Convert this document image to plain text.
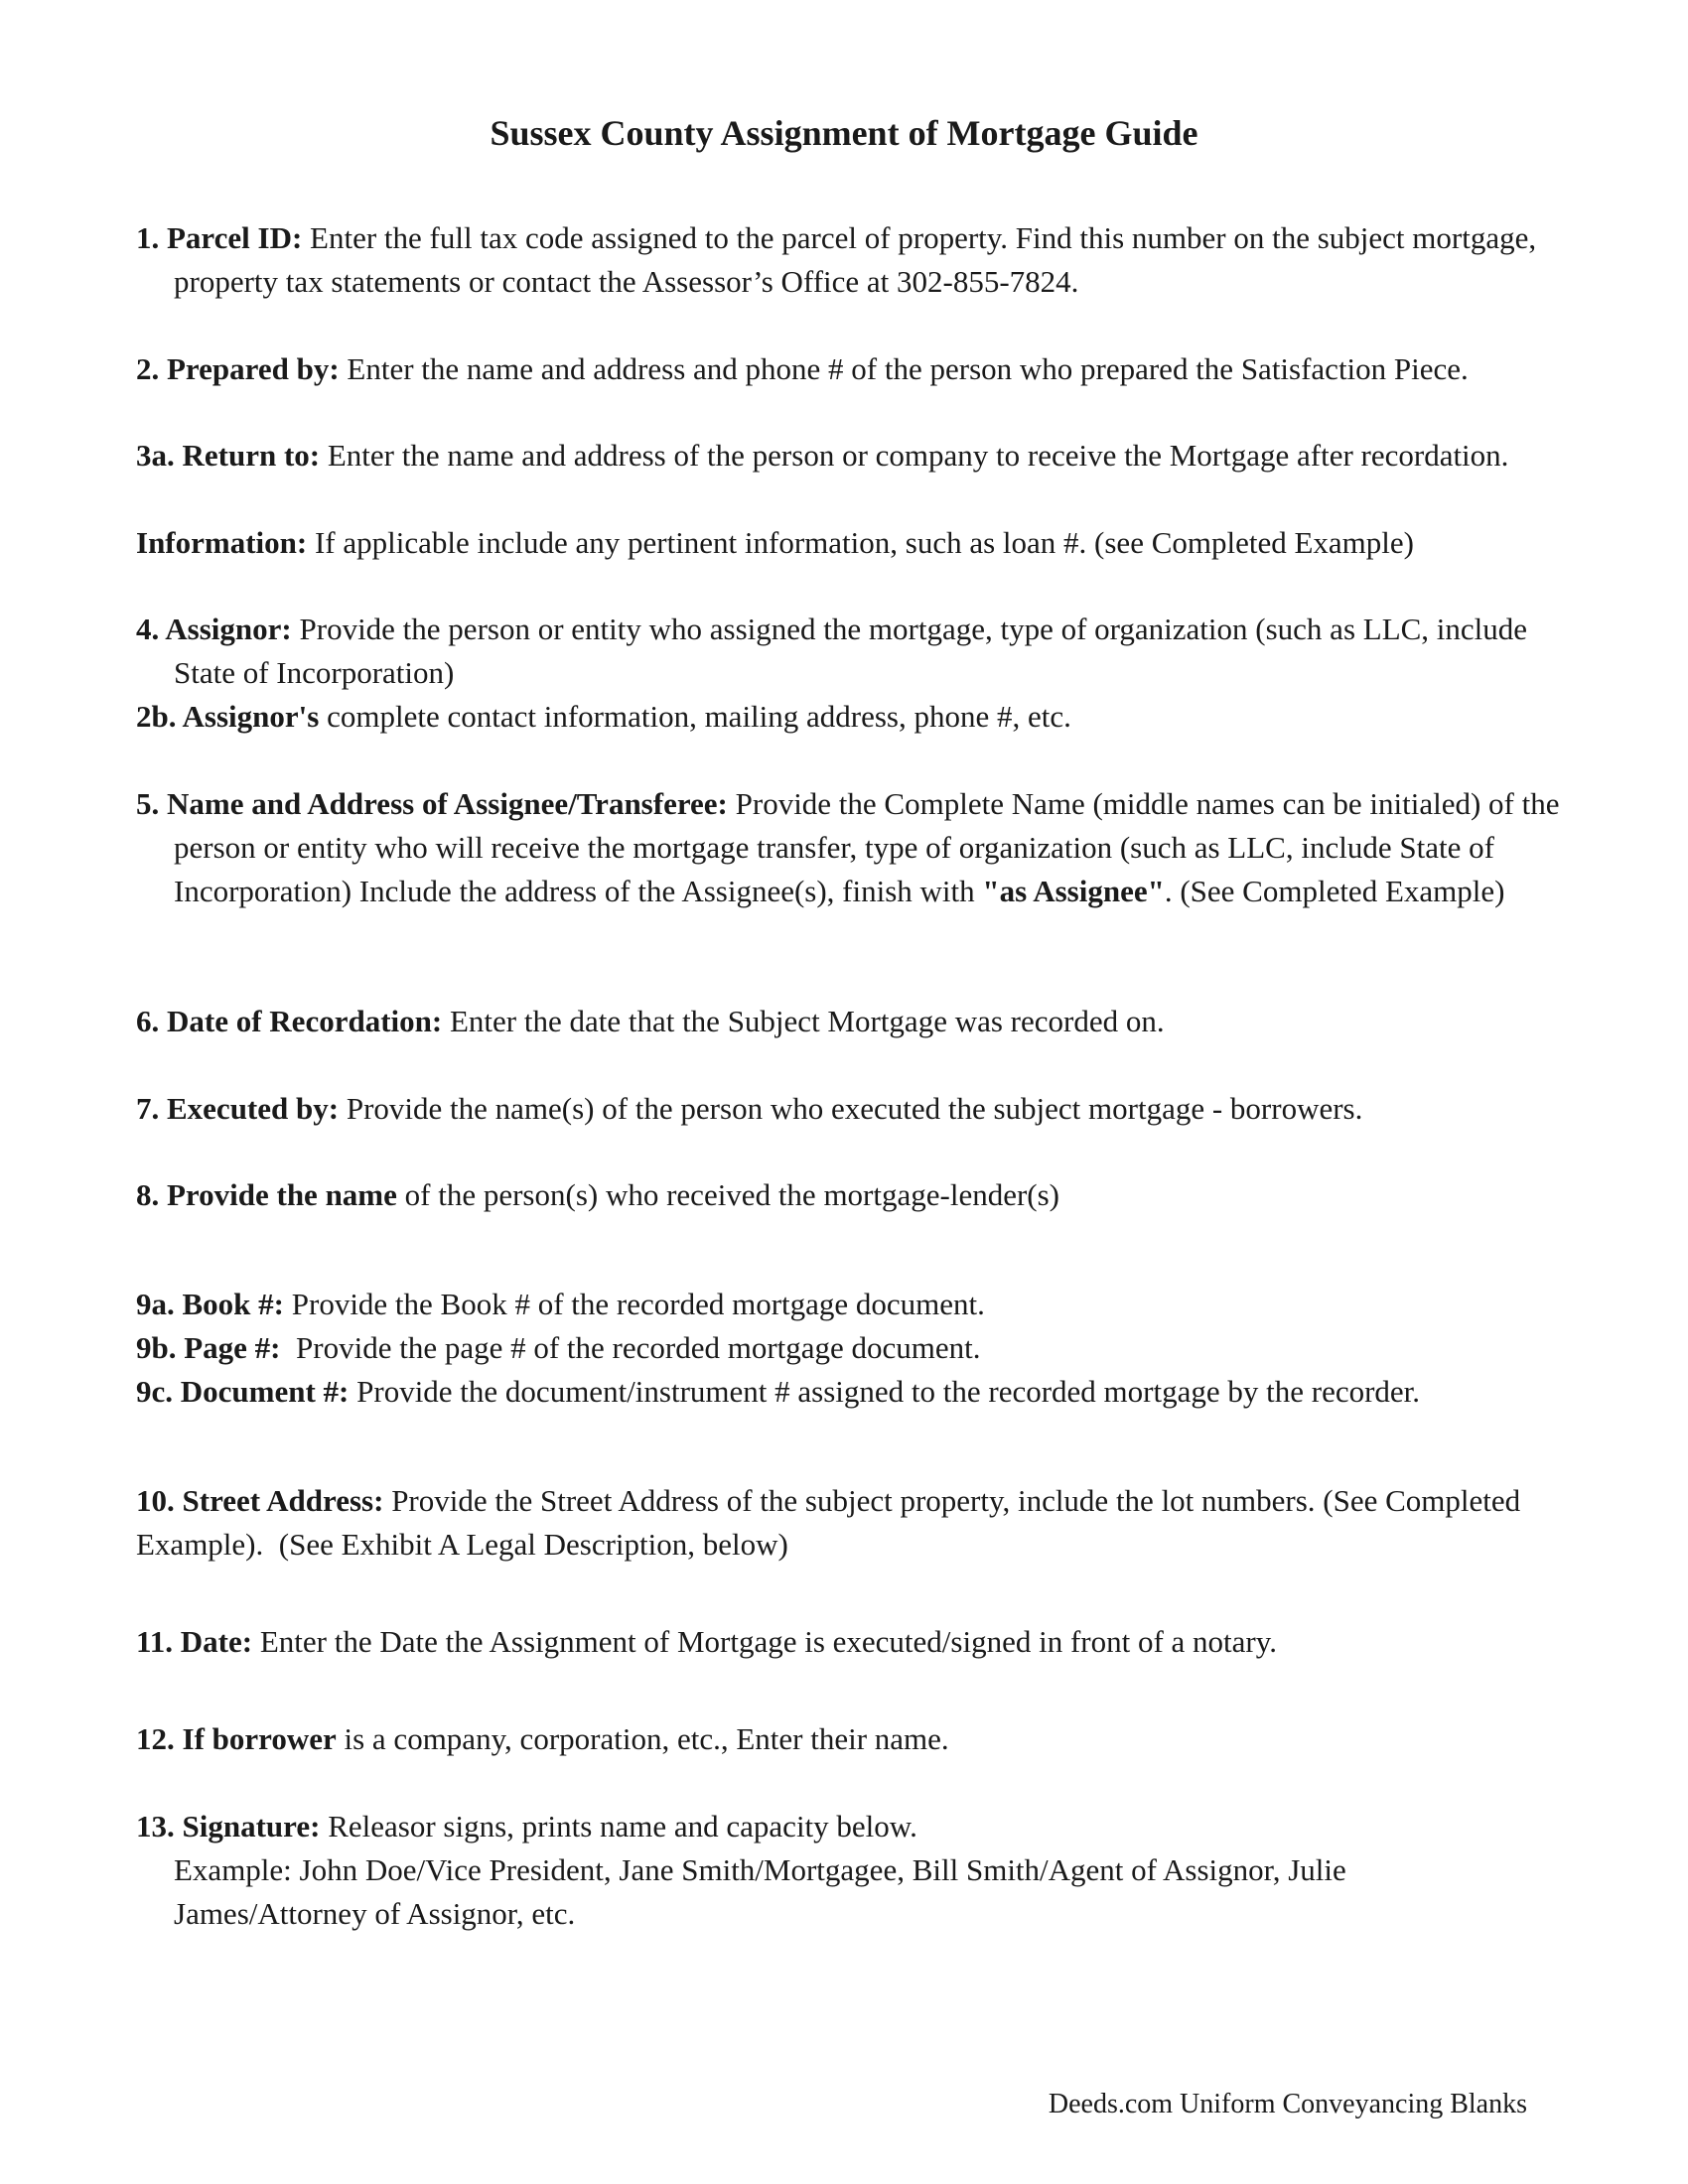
Sussex County Assignment of Mortgage Guide
1. Parcel ID: Enter the full tax code assigned to the parcel of property. Find this number on the subject mortgage, property tax statements or contact the Assessor’s Office at 302-855-7824.
2. Prepared by: Enter the name and address and phone # of the person who prepared the Satisfaction Piece.
3a. Return to: Enter the name and address of the person or company to receive the Mortgage after recordation.
Information: If applicable include any pertinent information, such as loan #. (see Completed Example)
4. Assignor: Provide the person or entity who assigned the mortgage, type of organization (such as LLC, include State of Incorporation)
2b. Assignor's complete contact information, mailing address, phone #, etc.
5. Name and Address of Assignee/Transferee: Provide the Complete Name (middle names can be initialed) of the person or entity who will receive the mortgage transfer, type of organization (such as LLC, include State of Incorporation) Include the address of the Assignee(s), finish with "as Assignee". (See Completed Example)
6. Date of Recordation: Enter the date that the Subject Mortgage was recorded on.
7. Executed by: Provide the name(s) of the person who executed the subject mortgage - borrowers.
8. Provide the name of the person(s) who received the mortgage-lender(s)
9a. Book #: Provide the Book # of the recorded mortgage document.
9b. Page #:  Provide the page # of the recorded mortgage document.
9c. Document #: Provide the document/instrument # assigned to the recorded mortgage by the recorder.
10. Street Address: Provide the Street Address of the subject property, include the lot numbers. (See Completed Example).  (See Exhibit A Legal Description, below)
11. Date: Enter the Date the Assignment of Mortgage is executed/signed in front of a notary.
12. If borrower is a company, corporation, etc., Enter their name.
13. Signature: Releasor signs, prints name and capacity below.
Example: John Doe/Vice President, Jane Smith/Mortgagee, Bill Smith/Agent of Assignor, Julie James/Attorney of Assignor, etc.
Deeds.com Uniform Conveyancing Blanks
